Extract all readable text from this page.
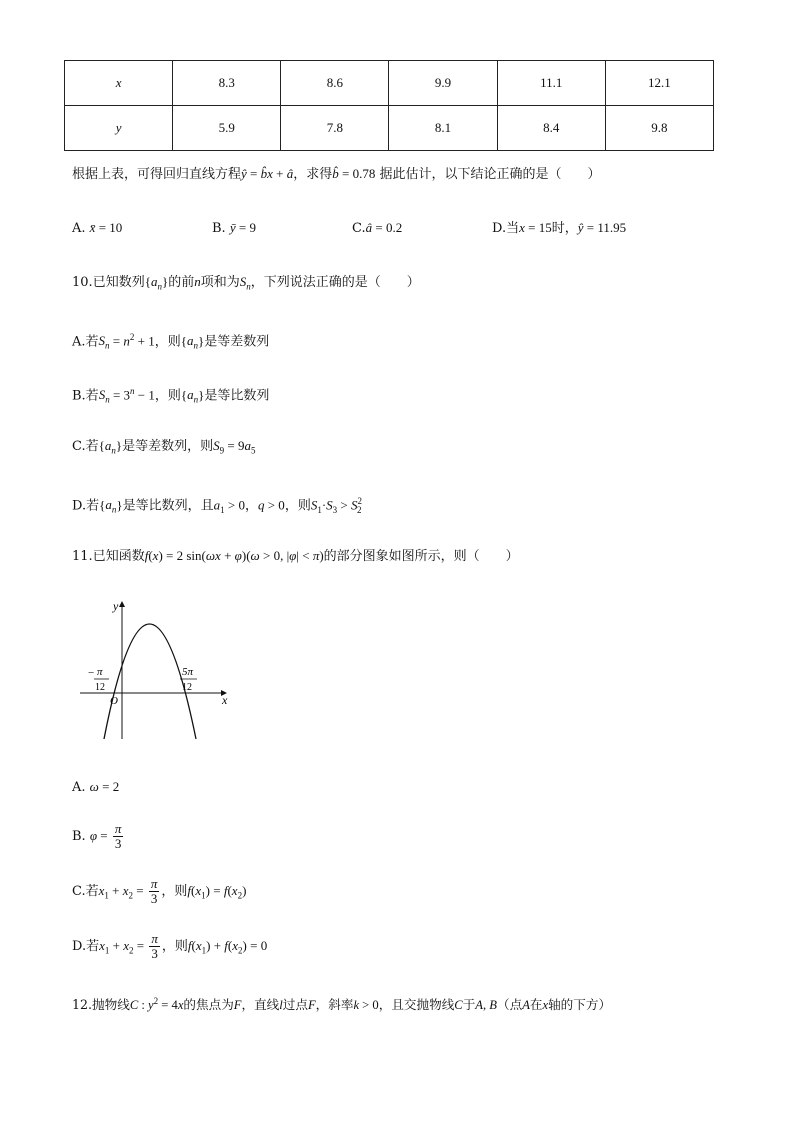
x	8.3	8.6	9.9	11.1	12.1
y	5.9	7.8	8.1	8.4	9.8
根据上表，可得回归直线方程ŷ = b̂x + â，求得b̂ = 0.78 据此估计，以下结论正确的是（　　）
A. x̄ = 10	B. ȳ = 9	C.â = 0.2	D.当x = 15时，ŷ = 11.95
10.已知数列$\{a_n\}$的前n项和为$S_n$，下列说法正确的是（　　）
A.若$S_n = n^2 + 1$，则$\{a_n\}$是等差数列
B.若$S_n = 3^n - 1$，则$\{a_n\}$是等比数列
C.若$\{a_n\}$是等差数列，则$S_9 = 9a_5$
D.若$\{a_n\}$是等比数列，且$a_1 > 0$，q > 0，则$S_1\cdot S_3 > S^2_2$
11.已知函数f(x) = 2 sin(ωx + φ)(ω > 0, |φ| < π)的部分图象如图所示，则（　　）
y
x
O
− π
12
5π
12
A. ω = 2
B. $\varphi = \frac{\pi}{3}$
C.若$x_1 + x_2 = \frac{\pi}{3}$ ，则$f(x_1) = f(x_2)$
D.若$x_1 + x_2 = \frac{\pi}{3}$ ，则$f(x_1) + f(x_2) = 0$
12.抛物线C : $y^2 = 4x$的焦点为F，直线l过点F，斜率k > 0，且交抛物线C于A, B（点A在x轴的下方）
